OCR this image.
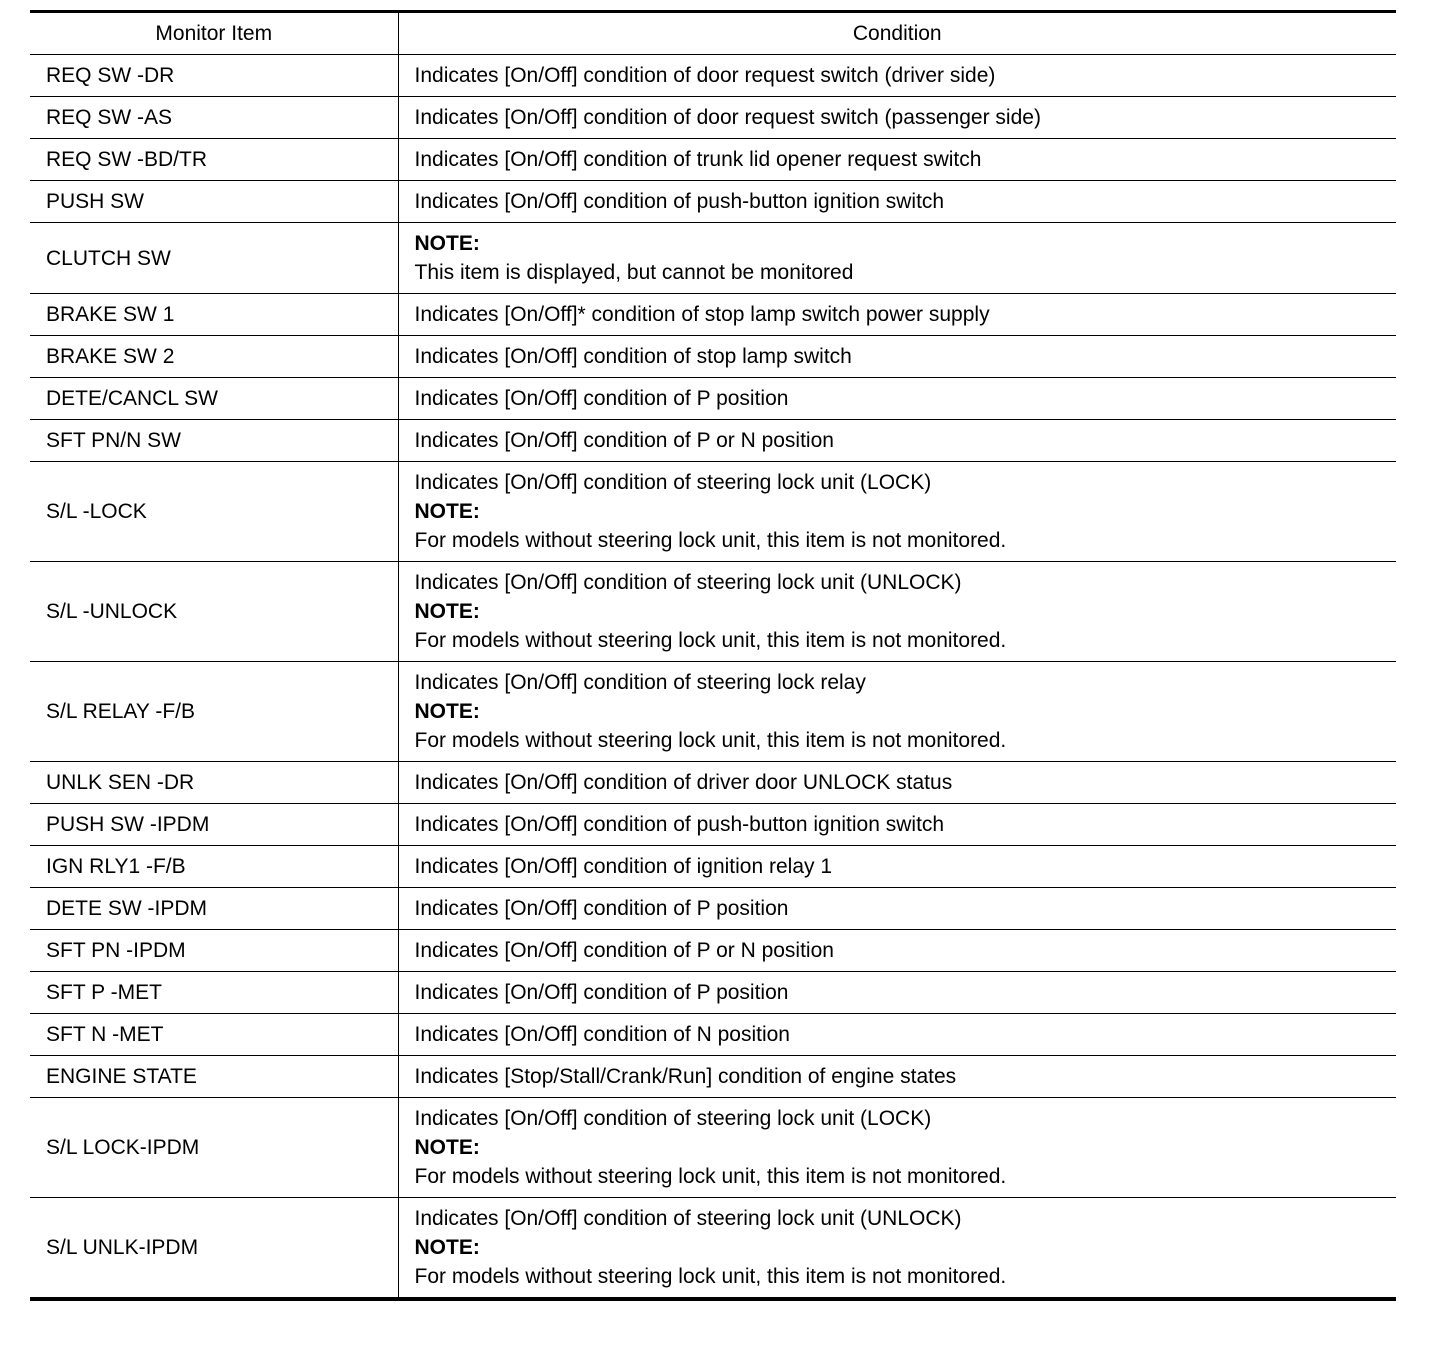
Monitor Item	Condition
REQ SW -DR	Indicates [On/Off] condition of door request switch (driver side)

REQ SW -AS	Indicates [On/Off] condition of door request switch (passenger side)

REQ SW -BD/TR	Indicates [On/Off] condition of trunk lid opener request switch

PUSH SW	Indicates [On/Off] condition of push-button ignition switch

CLUTCH SW	NOTE:
This item is displayed, but cannot be monitored

BRAKE SW 1	Indicates [On/Off]* condition of stop lamp switch power supply

BRAKE SW 2	Indicates [On/Off] condition of stop lamp switch

DETE/CANCL SW	Indicates [On/Off] condition of P position

SFT PN/N SW	Indicates [On/Off] condition of P or N position

S/L -LOCK	Indicates [On/Off] condition of steering lock unit (LOCK)
NOTE:
For models without steering lock unit, this item is not monitored.

S/L -UNLOCK	Indicates [On/Off] condition of steering lock unit (UNLOCK)
NOTE:
For models without steering lock unit, this item is not monitored.

S/L RELAY -F/B	Indicates [On/Off] condition of steering lock relay
NOTE:
For models without steering lock unit, this item is not monitored.

UNLK SEN -DR	Indicates [On/Off] condition of driver door UNLOCK status

PUSH SW -IPDM	Indicates [On/Off] condition of push-button ignition switch

IGN RLY1 -F/B	Indicates [On/Off] condition of ignition relay 1

DETE SW -IPDM	Indicates [On/Off] condition of P position

SFT PN -IPDM	Indicates [On/Off] condition of P or N position

SFT P -MET	Indicates [On/Off] condition of P position

SFT N -MET	Indicates [On/Off] condition of N position

ENGINE STATE	Indicates [Stop/Stall/Crank/Run] condition of engine states

S/L LOCK-IPDM	Indicates [On/Off] condition of steering lock unit (LOCK)
NOTE:
For models without steering lock unit, this item is not monitored.

S/L UNLK-IPDM	Indicates [On/Off] condition of steering lock unit (UNLOCK)
NOTE:
For models without steering lock unit, this item is not monitored.
